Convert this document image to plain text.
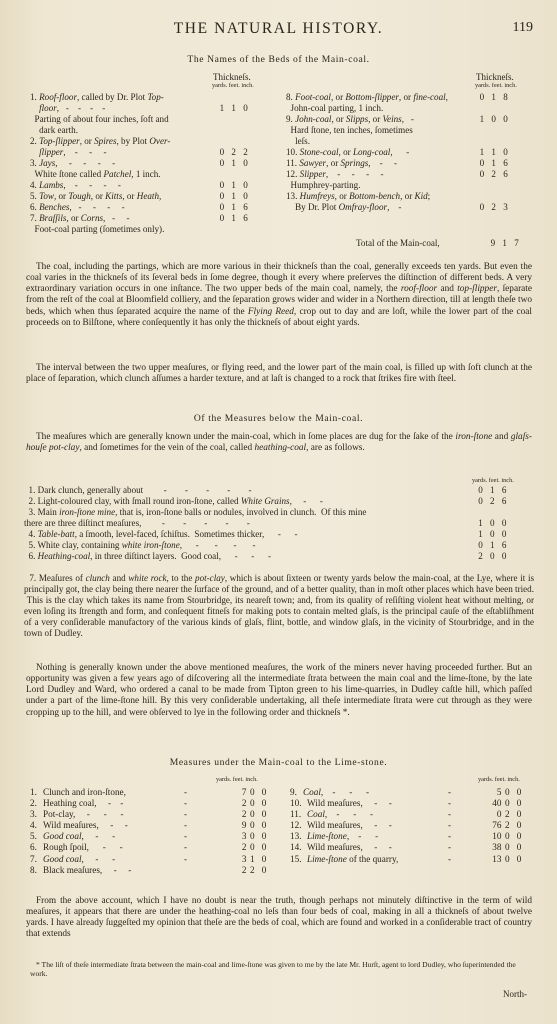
THE NATURAL HISTORY.	119
The Names of the Beds of the Main-coal.
Thickneſs.
yards. feet. inch.
Thickneſs.
yards. feet. inch.
1. Roof-floor, called by Dr. Plot Top-
floor,   -    -    -    -	1 1 0
Parting of about four inches, ſoft and
dark earth.
2. Top-ſlipper, or Spires, by Plot Over-
ſlipper,    -     -     -	0 2 2
3. Jays,     -     -     -     -	0 1 0
White ſtone called Patchel, 1 inch.
4. Lambs,    -     -     -     -	0 1 0
5. Tow, or Tough, or Kitts, or Heath,	0 1 0
6. Benches,   -     -     -     -	0 1 6
7. Braſſils, or Corns,   -     -	0 1 6
Foot-coal parting (ſometimes only).
8. Foot-coal, or Bottom-ſlipper, or fine-coal,	0 1 8
John-coal parting, 1 inch.
9. John-coal, or Slipps, or Veins,   -	1 0 0
Hard ſtone, ten inches, ſometimes
leſs.
10. Stone-coal, or Long-coal,      -	1 1 0
11. Sawyer, or Springs,    -     -	0 1 6
12. Slipper,    -     -     -     -	0 2 6
Humphrey-parting.
13. Humfreys, or Bottom-bench, or Kid;
By Dr. Plot Omfray-floor,    -	0 2 3
Total of the Main-coal,	9 1 7
The coal, including the partings, which are more various in their thickneſs than the coal, generally exceeds ten yards. But even the coal varies in the thickneſs of its ſeveral beds in ſome degree, though it every where preſerves the diſtinction of different beds. A very extraordinary variation occurs in one inſtance. The two upper beds of the main coal, namely, the roof-floor and top-ſlipper, ſeparate from the reſt of the coal at Bloomfield colliery, and the ſeparation grows wider and wider in a Northern direction, till at length theſe two beds, which when thus ſeparated acquire the name of the Flying Reed, crop out to day and are loſt, while the lower part of the coal proceeds on to Bilſtone, where conſequently it has only the thickneſs of about eight yards.
The interval between the two upper meaſures, or flying reed, and the lower part of the main coal, is filled up with ſoft clunch at the place of ſeparation, which clunch aſſumes a harder texture, and at laſt is changed to a rock that ſtrikes fire with ſteel.
Of the Measures below the Main-coal.
The meaſures which are generally known under the main-coal, which in ſome places are dug for the ſake of the iron-ſtone and glaſs-houſe pot-clay, and ſometimes for the vein of the coal, called heathing-coal, are as follows.
yards. feet. inch.
1. Dark clunch, generally about         -        -        -        -        -	0 1 6
2. Light-coloured clay, with ſmall round iron-ſtone, called White Grains,     -      -	0 2 6
3. Main iron-ſtone mine, that is, iron-ſtone balls or nodules, involved in clunch.  Of this mine
there are three diſtinct meaſures,         -        -        -        -        -	1 0 0
4. Table-batt, a ſmooth, level-faced, ſchiſtus.  Sometimes thicker,      -      -	1 0 0
5. White clay, containing white iron-ſtone,      -       -       -       -	0 1 6
6. Heathing-coal, in three diſtinct layers.  Good coal,      -      -      -	2 0 0
7. Meaſures of clunch and white rock, to the pot-clay, which is about ſixteen or twenty yards below the main-coal, at the Lye, where it is principally got, the clay being there nearer the ſurface of the ground, and of a better quality, than in moſt other places which have been tried.  This is the clay which takes its name from Stourbridge, its neareſt town; and, from its quality of reſiſting violent heat without melting, or even loſing its ſtrength and form, and conſequent fitneſs for making pots to contain melted glaſs, is the principal cauſe of the eſtabliſhment of a very conſiderable manufactory of the various kinds of glaſs, flint, bottle, and window glaſs, in the vicinity of Stourbridge, and in the town of Dudley.
Nothing is generally known under the above mentioned meaſures, the work of the miners never having proceeded further. But an opportunity was given a few years ago of diſcovering all the intermediate ſtrata between the main coal and the lime-ſtone, by the late Lord Dudley and Ward, who ordered a canal to be made from Tipton green to his lime-quarries, in Dudley caſtle hill, which paſſed under a part of the lime-ſtone hill. By this very conſiderable undertaking, all theſe intermediate ſtrata were cut through as they were cropping up to the hill, and were obſerved to lye in the following order and thickneſs *.
Measures under the Main-coal to the Lime-stone.
yards. feet. inch.	yards. feet. inch.
1. Clunch and iron-ſtone,	-	7 0 0
2. Heathing coal,     -    -	-	2 0 0
3. Pot-clay,     -      -      -	-	2 0 0
4. Wild meaſures,     -     -	-	9 0 0
5. Good coal,     -      -	-	3 0 0
6. Rough ſpoil,      -      -	-	2 0 0
7. Good coal,     -      -	-	3 1 0
8. Black meaſures,     -     -	2 2 0
9. Coal,    -      -      -	-	5 0 0
10. Wild meaſures,     -     -	-	40 0 0
11. Coal,    -      -      -	-	0 2 0
12. Wild meaſures,     -     -	-	76 2 0
13. Lime-ſtone,    -      -	-	10 0 0
14. Wild meaſures,     -     -	-	38 0 0
15. Lime-ſtone of the quarry,	-	13 0 0
From the above account, which I have no doubt is near the truth, though perhaps not minutely diſtinctive in the term of wild meaſures, it appears that there are under the heathing-coal no leſs than four beds of coal, making in all a thickneſs of about twelve yards. I have already ſuggeſted my opinion that theſe are the beds of coal, which are found and worked in a conſiderable tract of country that extends
* The liſt of theſe intermediate ſtrata between the main-coal and lime-ſtone was given to me by the late Mr. Hurſt, agent to lord Dudley, who ſuperintended the work.
North-
